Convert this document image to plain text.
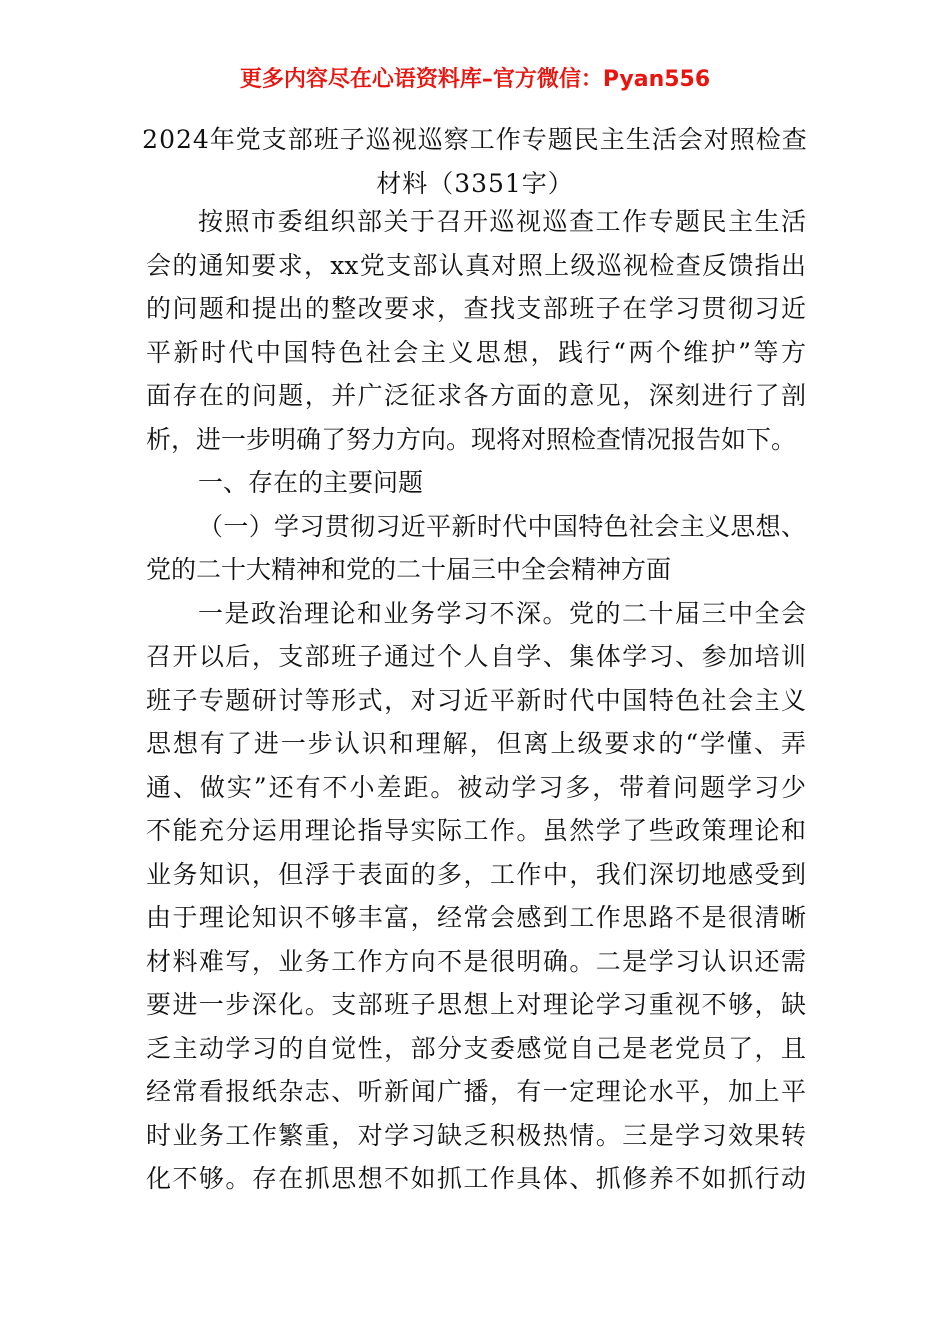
更多内容尽在心语资料库–官方微信：Pyan556
2024年党支部班子巡视巡察工作专题民主生活会对照检查
材料（3351字）
按照市委组织部关于召开巡视巡查工作专题民主生活
会的通知要求，xx党支部认真对照上级巡视检查反馈指出
的问题和提出的整改要求，查找支部班子在学习贯彻习近
平新时代中国特色社会主义思想，践行“两个维护”等方
面存在的问题，并广泛征求各方面的意见，深刻进行了剖
析，进一步明确了努力方向。现将对照检查情况报告如下。
一、存在的主要问题
（一）学习贯彻习近平新时代中国特色社会主义思想、
党的二十大精神和党的二十届三中全会精神方面
一是政治理论和业务学习不深。党的二十届三中全会
召开以后，支部班子通过个人自学、集体学习、参加培训
班子专题研讨等形式，对习近平新时代中国特色社会主义
思想有了进一步认识和理解，但离上级要求的“学懂、弄
通、做实”还有不小差距。被动学习多，带着问题学习少
不能充分运用理论指导实际工作。虽然学了些政策理论和
业务知识，但浮于表面的多，工作中，我们深切地感受到
由于理论知识不够丰富，经常会感到工作思路不是很清晰
材料难写，业务工作方向不是很明确。二是学习认识还需
要进一步深化。支部班子思想上对理论学习重视不够，缺
乏主动学习的自觉性，部分支委感觉自己是老党员了，且
经常看报纸杂志、听新闻广播，有一定理论水平，加上平
时业务工作繁重，对学习缺乏积极热情。三是学习效果转
化不够。存在抓思想不如抓工作具体、抓修养不如抓行动
